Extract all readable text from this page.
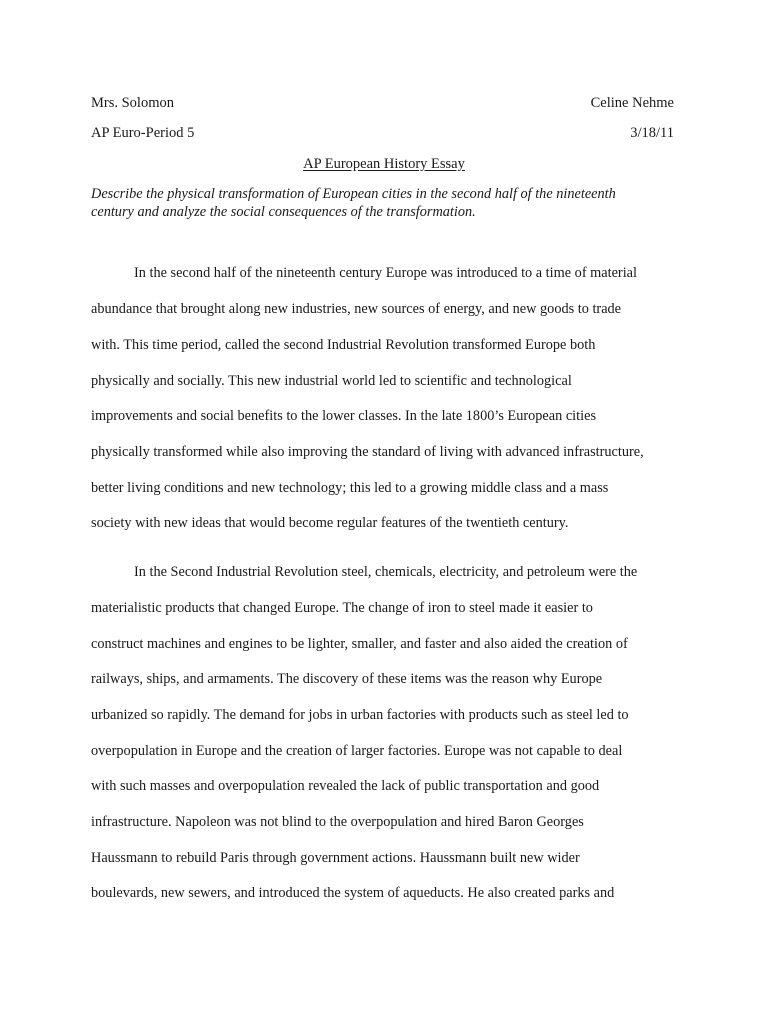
Mrs. Solomon	Celine Nehme
AP Euro-Period 5	3/18/11
AP European History Essay
Describe the physical transformation of European cities in the second half of the nineteenth
century and analyze the social consequences of the transformation.
In the second half of the nineteenth century Europe was introduced to a time of material
abundance that brought along new industries, new sources of energy, and new goods to trade
with. This time period, called the second Industrial Revolution transformed Europe both
physically and socially. This new industrial world led to scientific and technological
improvements and social benefits to the lower classes. In the late 1800’s European cities
physically transformed while also improving the standard of living with advanced infrastructure,
better living conditions and new technology; this led to a growing middle class and a mass
society with new ideas that would become regular features of the twentieth century.
In the Second Industrial Revolution steel, chemicals, electricity, and petroleum were the
materialistic products that changed Europe. The change of iron to steel made it easier to
construct machines and engines to be lighter, smaller, and faster and also aided the creation of
railways, ships, and armaments. The discovery of these items was the reason why Europe
urbanized so rapidly. The demand for jobs in urban factories with products such as steel led to
overpopulation in Europe and the creation of larger factories. Europe was not capable to deal
with such masses and overpopulation revealed the lack of public transportation and good
infrastructure. Napoleon was not blind to the overpopulation and hired Baron Georges
Haussmann to rebuild Paris through government actions. Haussmann built new wider
boulevards, new sewers, and introduced the system of aqueducts. He also created parks and
